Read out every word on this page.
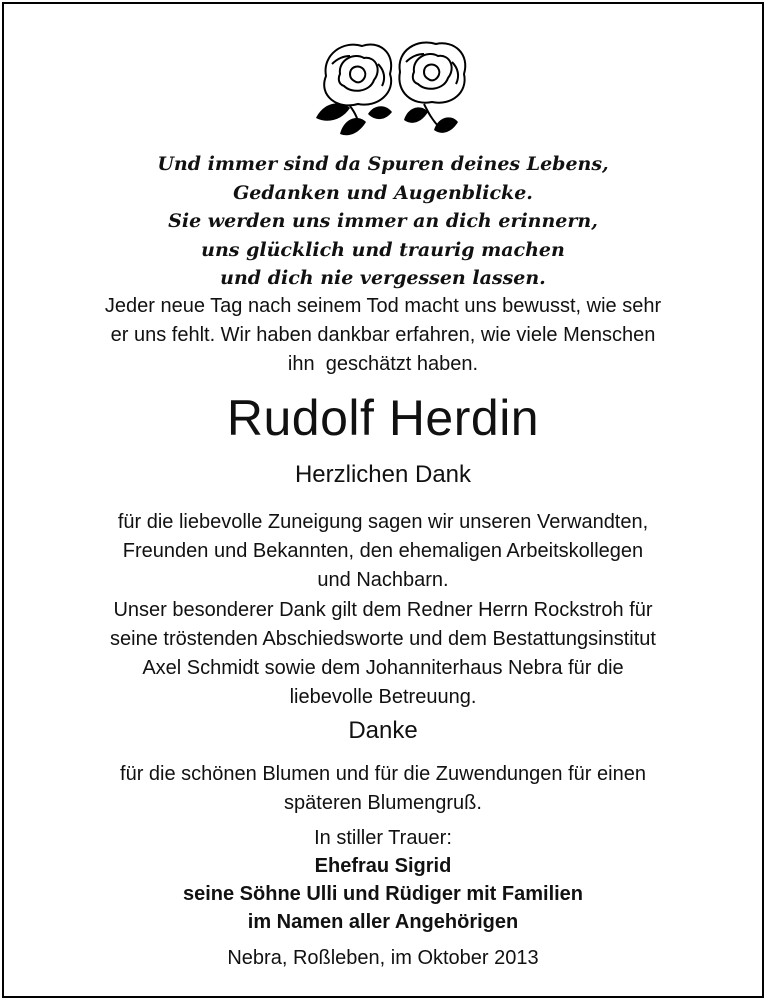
Und immer sind da Spuren deines Lebens,
Gedanken und Augenblicke.
Sie werden uns immer an dich erinnern,
uns glücklich und traurig machen
und dich nie vergessen lassen.
Jeder neue Tag nach seinem Tod macht uns bewusst, wie sehr
er uns fehlt. Wir haben dankbar erfahren, wie viele Menschen
ihn  geschätzt haben.
Rudolf Herdin
Herzlichen Dank
für die liebevolle Zuneigung sagen wir unseren Verwandten,
Freunden und Bekannten, den ehemaligen Arbeitskollegen
und Nachbarn.
Unser besonderer Dank gilt dem Redner Herrn Rockstroh für
seine tröstenden Abschiedsworte und dem Bestattungsinstitut
Axel Schmidt sowie dem Johanniterhaus Nebra für die
liebevolle Betreuung.
Danke
für die schönen Blumen und für die Zuwendungen für einen
späteren Blumengruß.
In stiller Trauer:
Ehefrau Sigrid
seine Söhne Ulli und Rüdiger mit Familien
im Namen aller Angehörigen
Nebra, Roßleben, im Oktober 2013
